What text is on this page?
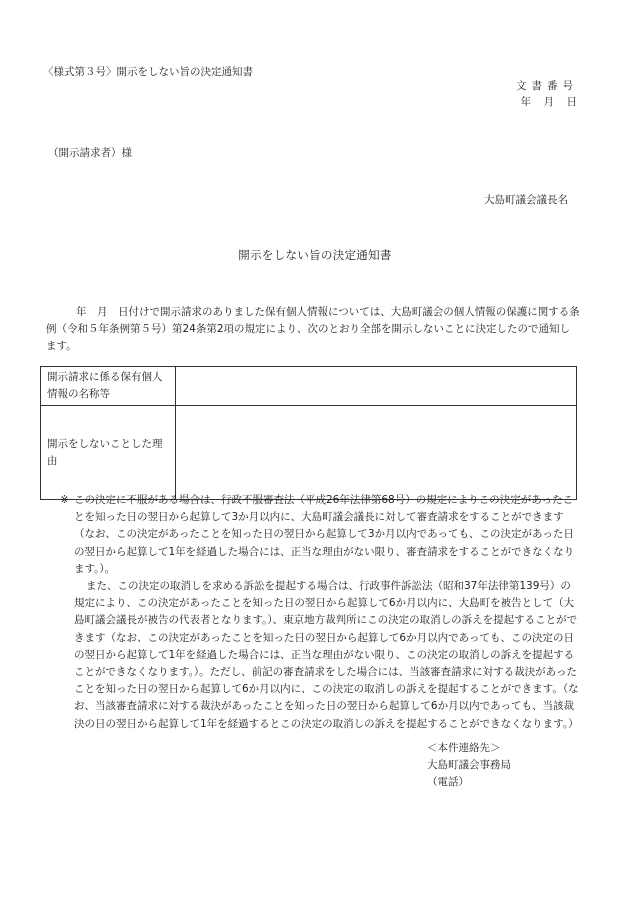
〈様式第３号〉開示をしない旨の決定通知書
文書番号
年　月　日
（開示請求者）様
大島町議会議長名
開示をしない旨の決定通知書

年　月　日付けで開示請求のありました保有個人情報については、大島町議会の個人情報の保護に関する条例（令和５年条例第５号）第24条第2項の規定により、次のとおり全部を開示しないことに決定したので通知します。

開示請求に係る保有個人情報の名称等	
開示をしないことした理由	

※ この決定に不服がある場合は、行政不服審査法（平成26年法律第68号）の規定によりこの決定があったことを知った日の翌日から起算して3か月以内に、大島町議会議長に対して審査請求をすることができます（なお、この決定があったことを知った日の翌日から起算して3か月以内であっても、この決定があった日の翌日から起算して1年を経過した場合には、正当な理由がない限り、審査請求をすることができなくなります。）。

また、この決定の取消しを求める訴訟を提起する場合は、行政事件訴訟法（昭和37年法律第139号）の規定により、この決定があったことを知った日の翌日から起算して6か月以内に、大島町を被告として（大島町議会議長が被告の代表者となります。）、東京地方裁判所にこの決定の取消しの訴えを提起することができます（なお、この決定があったことを知った日の翌日から起算して6か月以内であっても、この決定の日の翌日から起算して1年を経過した場合には、正当な理由がない限り、この決定の取消しの訴えを提起することができなくなります。）。ただし、前記の審査請求をした場合には、当該審査請求に対する裁決があったことを知った日の翌日から起算して6か月以内に、この決定の取消しの訴えを提起することができます。（なお、当該審査請求に対する裁決があったことを知った日の翌日から起算して6か月以内であっても、当該裁決の日の翌日から起算して1年を経過するとこの決定の取消しの訴えを提起することができなくなります。）

＜本件連絡先＞
大島町議会事務局
（電話）
